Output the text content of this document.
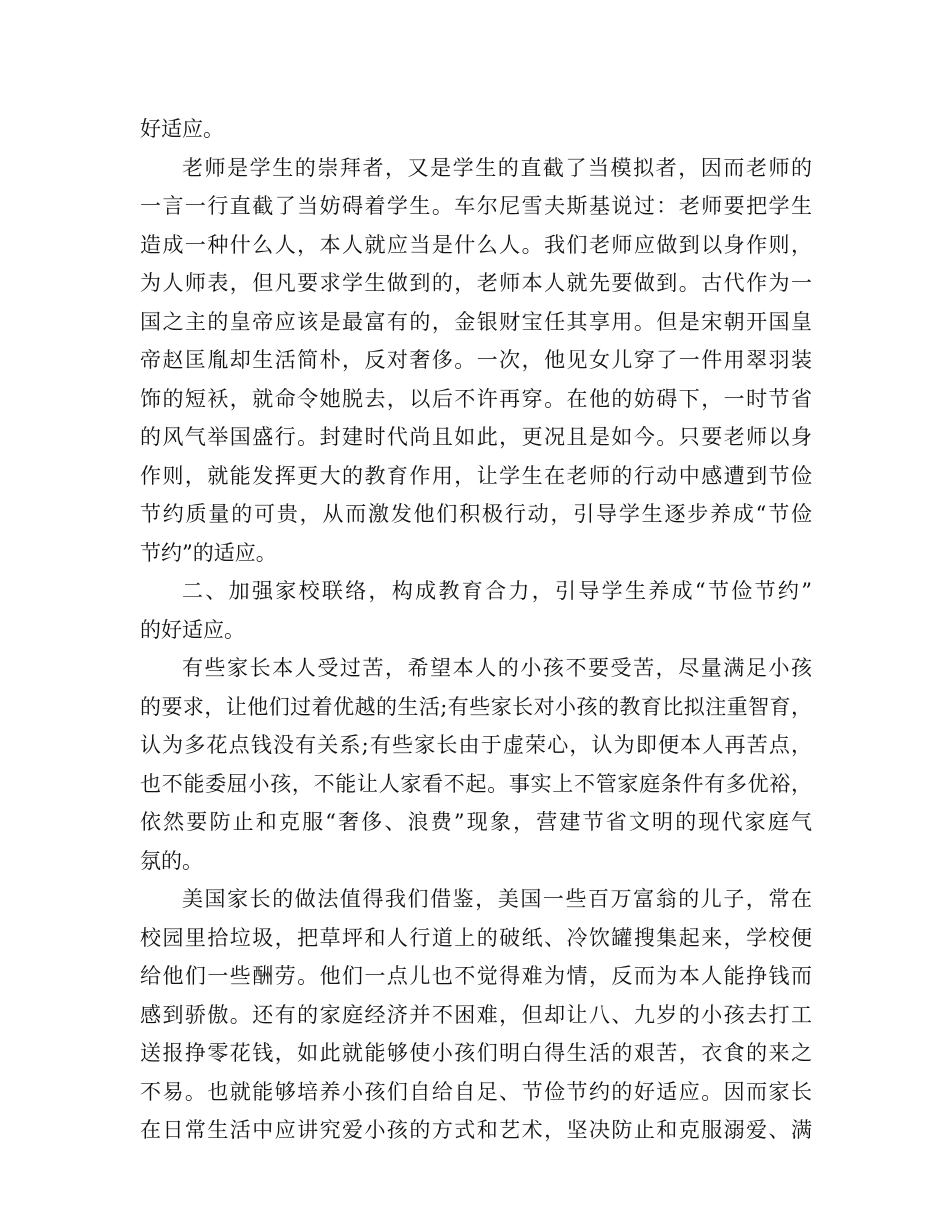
好适应。
老师是学生的崇拜者，又是学生的直截了当模拟者，因而老师的
一言一行直截了当妨碍着学生。车尔尼雪夫斯基说过：老师要把学生
造成一种什么人，本人就应当是什么人。我们老师应做到以身作则，
为人师表，但凡要求学生做到的，老师本人就先要做到。古代作为一
国之主的皇帝应该是最富有的，金银财宝任其享用。但是宋朝开国皇
帝赵匡胤却生活简朴，反对奢侈。一次，他见女儿穿了一件用翠羽装
饰的短袄，就命令她脱去，以后不许再穿。在他的妨碍下，一时节省
的风气举国盛行。封建时代尚且如此，更况且是如今。只要老师以身
作则，就能发挥更大的教育作用，让学生在老师的行动中感遭到节俭
节约质量的可贵，从而激发他们积极行动，引导学生逐步养成“节俭
节约”的适应。
二、加强家校联络，构成教育合力，引导学生养成“节俭节约”
的好适应。
有些家长本人受过苦，希望本人的小孩不要受苦，尽量满足小孩
的要求，让他们过着优越的生活;有些家长对小孩的教育比拟注重智育，
认为多花点钱没有关系;有些家长由于虚荣心，认为即便本人再苦点，
也不能委屈小孩，不能让人家看不起。事实上不管家庭条件有多优裕，
依然要防止和克服“奢侈、浪费”现象，营建节省文明的现代家庭气
氛的。
美国家长的做法值得我们借鉴，美国一些百万富翁的儿子，常在
校园里拾垃圾，把草坪和人行道上的破纸、冷饮罐搜集起来，学校便
给他们一些酬劳。他们一点儿也不觉得难为情，反而为本人能挣钱而
感到骄傲。还有的家庭经济并不困难，但却让八、九岁的小孩去打工
送报挣零花钱，如此就能够使小孩们明白得生活的艰苦，衣食的来之
不易。也就能够培养小孩们自给自足、节俭节约的好适应。因而家长
在日常生活中应讲究爱小孩的方式和艺术，坚决防止和克服溺爱、满
